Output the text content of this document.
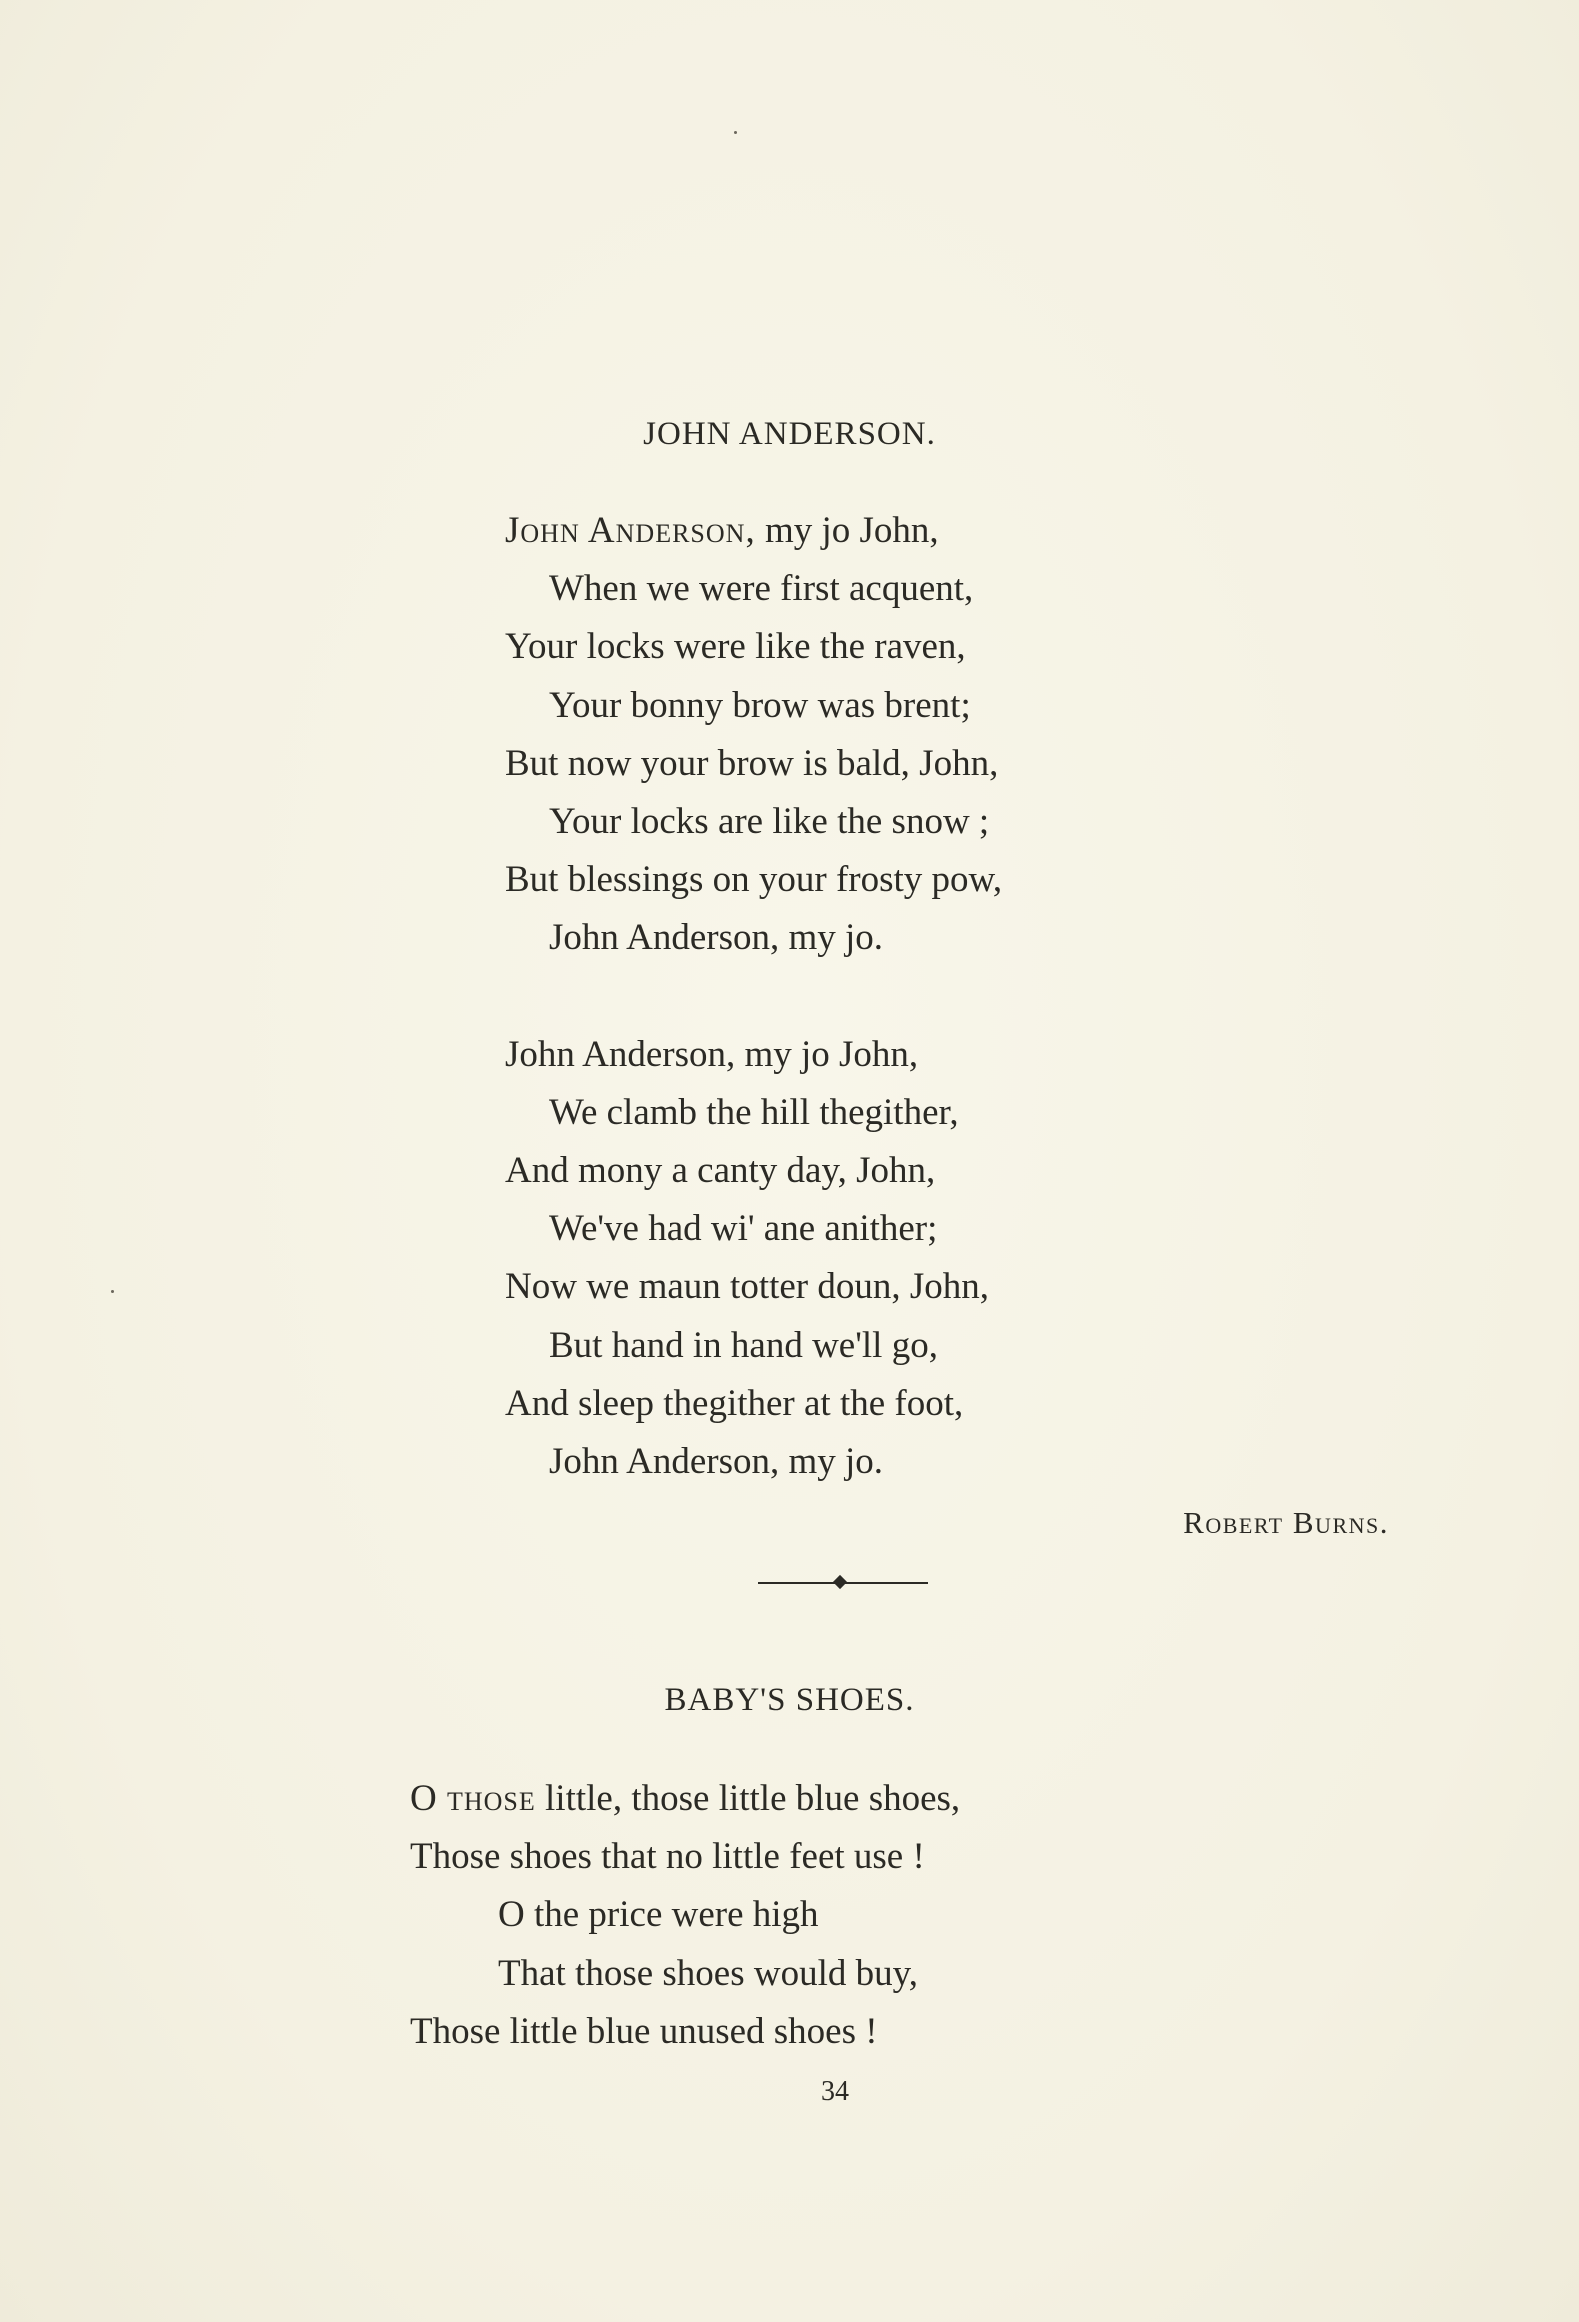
JOHN ANDERSON.
John Anderson, my jo John,
When we were first acquent,
Your locks were like the raven,
Your bonny brow was brent;
But now your brow is bald, John,
Your locks are like the snow ;
But blessings on your frosty pow,
John Anderson, my jo.
John Anderson, my jo John,
We clamb the hill thegither,
And mony a canty day, John,
We've had wi' ane anither;
Now we maun totter doun, John,
But hand in hand we'll go,
And sleep thegither at the foot,
John Anderson, my jo.
Robert Burns.
BABY'S SHOES.
O those little, those little blue shoes,
Those shoes that no little feet use !
O the price were high
That those shoes would buy,
Those little blue unused shoes !
34
